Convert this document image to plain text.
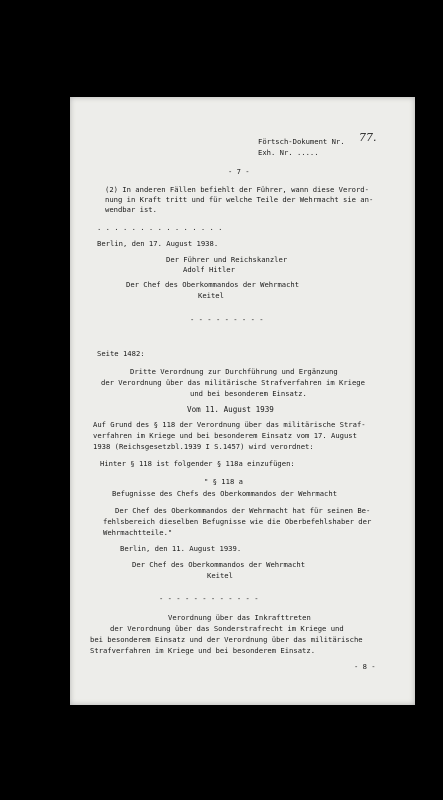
Förtsch-Dokument Nr. 77.
Exh. Nr. .....
- 7 -
(2) In anderen Fällen befiehlt der Führer, wann diese Verord-
nung in Kraft tritt und für welche Teile der Wehrmacht sie an-
wendbar ist.
. . . . . . . . . . . . . . .
Berlin, den 17. August 1938.
Der Führer und Reichskanzler
Adolf Hitler
Der Chef des Oberkommandos der Wehrmacht
Keitel
- - - - - - - - -
Seite 1482:
Dritte Verordnung zur Durchführung und Ergänzung
der Verordnung über das militärische Strafverfahren im Kriege
und bei besonderem Einsatz.
Vom 11. August 1939
Auf Grund des § 118 der Verordnung über das militärische Straf-
verfahren im Kriege und bei besonderem Einsatz vom 17. August
1938 (Reichsgesetzbl.1939 I S.1457) wird verordnet:
Hinter § 118 ist folgender § 118a einzufügen:
" § 118 a
Befugnisse des Chefs des Oberkommandos der Wehrmacht
Der Chef des Oberkommandos der Wehrmacht hat für seinen Be-
fehlsbereich dieselben Befugnisse wie die Oberbefehlshaber der
Wehrmachtteile."
Berlin, den 11. August 1939.
Der Chef des Oberkommandos der Wehrmacht
Keitel
- - - - - - - - - - - -
Verordnung über das Inkrafttreten
der Verordnung über das Sonderstrafrecht im Kriege und
bei besonderem Einsatz und der Verordnung über das militärische
Strafverfahren im Kriege und bei besonderem Einsatz.
- 8 -
